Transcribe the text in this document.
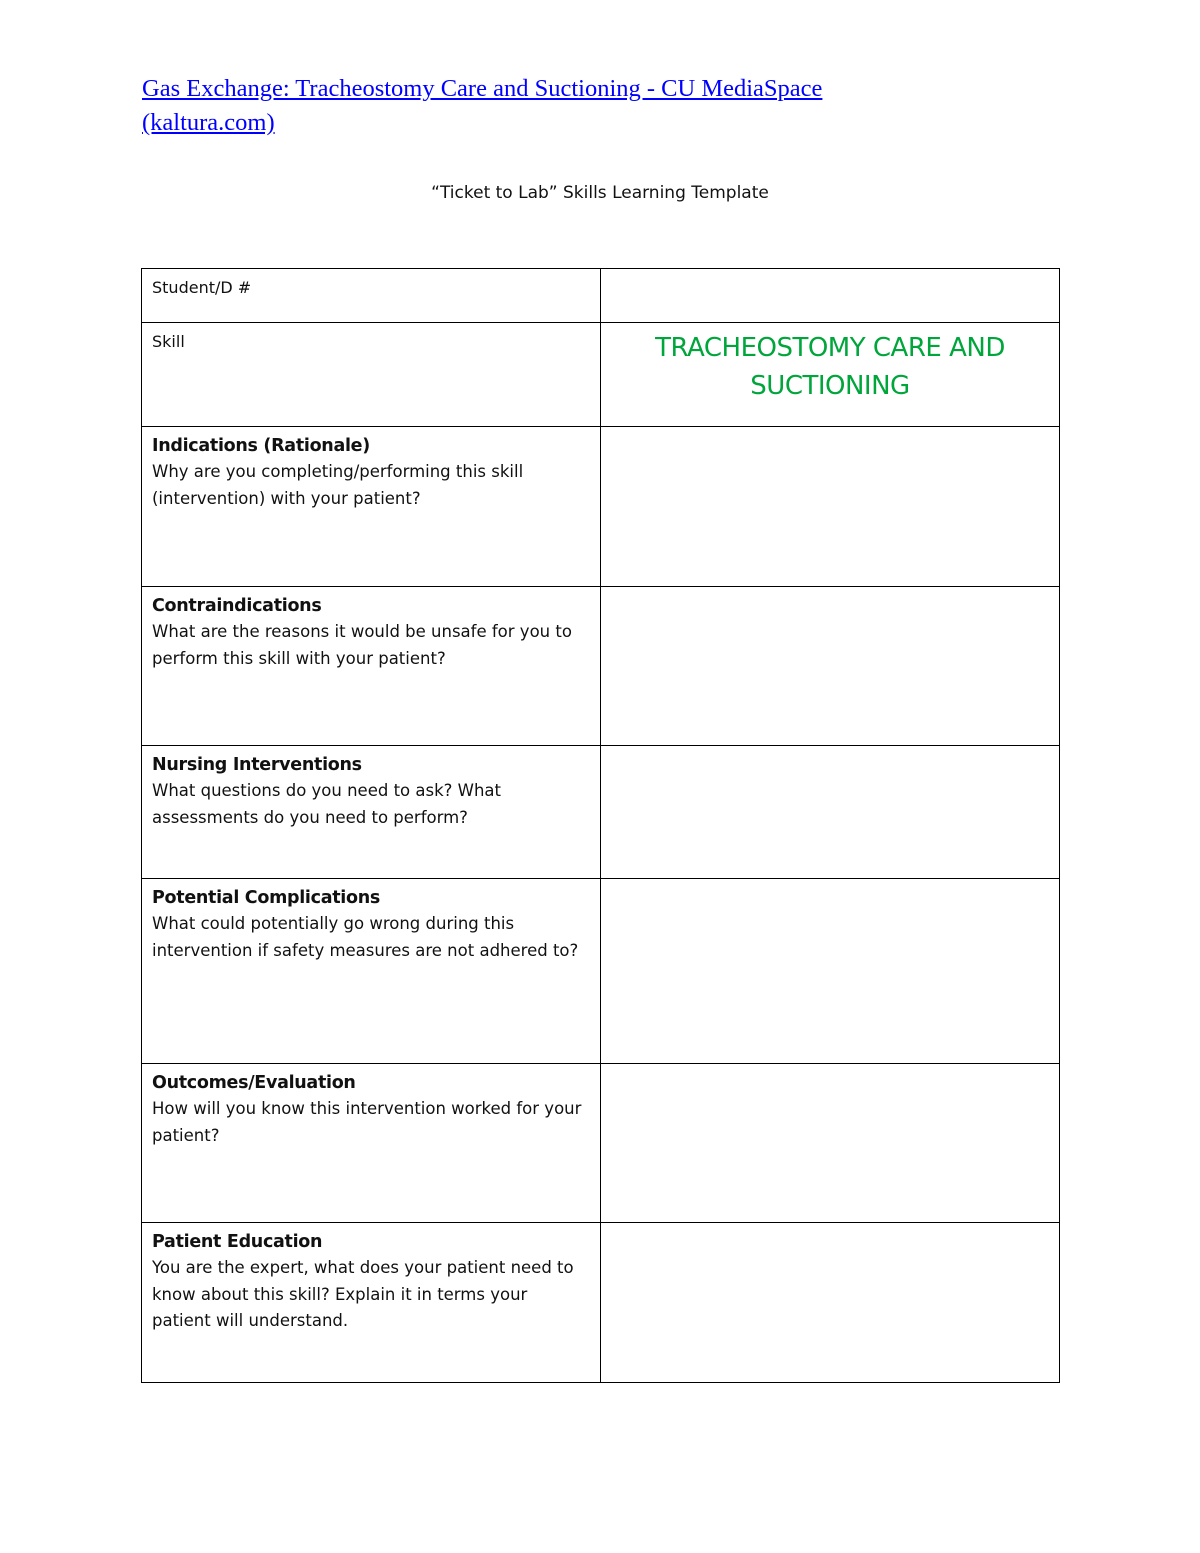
Gas Exchange: Tracheostomy Care and Suctioning - CU MediaSpace
(kaltura.com)
“Ticket to Lab” Skills Learning Template
Student/D #	

Skill	TRACHEOSTOMY CARE AND
SUCTIONING

Indications (Rationale)
Why are you completing/performing this skill (intervention) with your patient?	

Contraindications
What are the reasons it would be unsafe for you to perform this skill with your patient?	

Nursing Interventions
What questions do you need to ask? What assessments do you need to perform?	

Potential Complications
What could potentially go wrong during this intervention if safety measures are not adhered to?	

Outcomes/Evaluation
How will you know this intervention worked for your patient?	

Patient Education
You are the expert, what does your patient need to know about this skill? Explain it in terms your patient will understand.	
